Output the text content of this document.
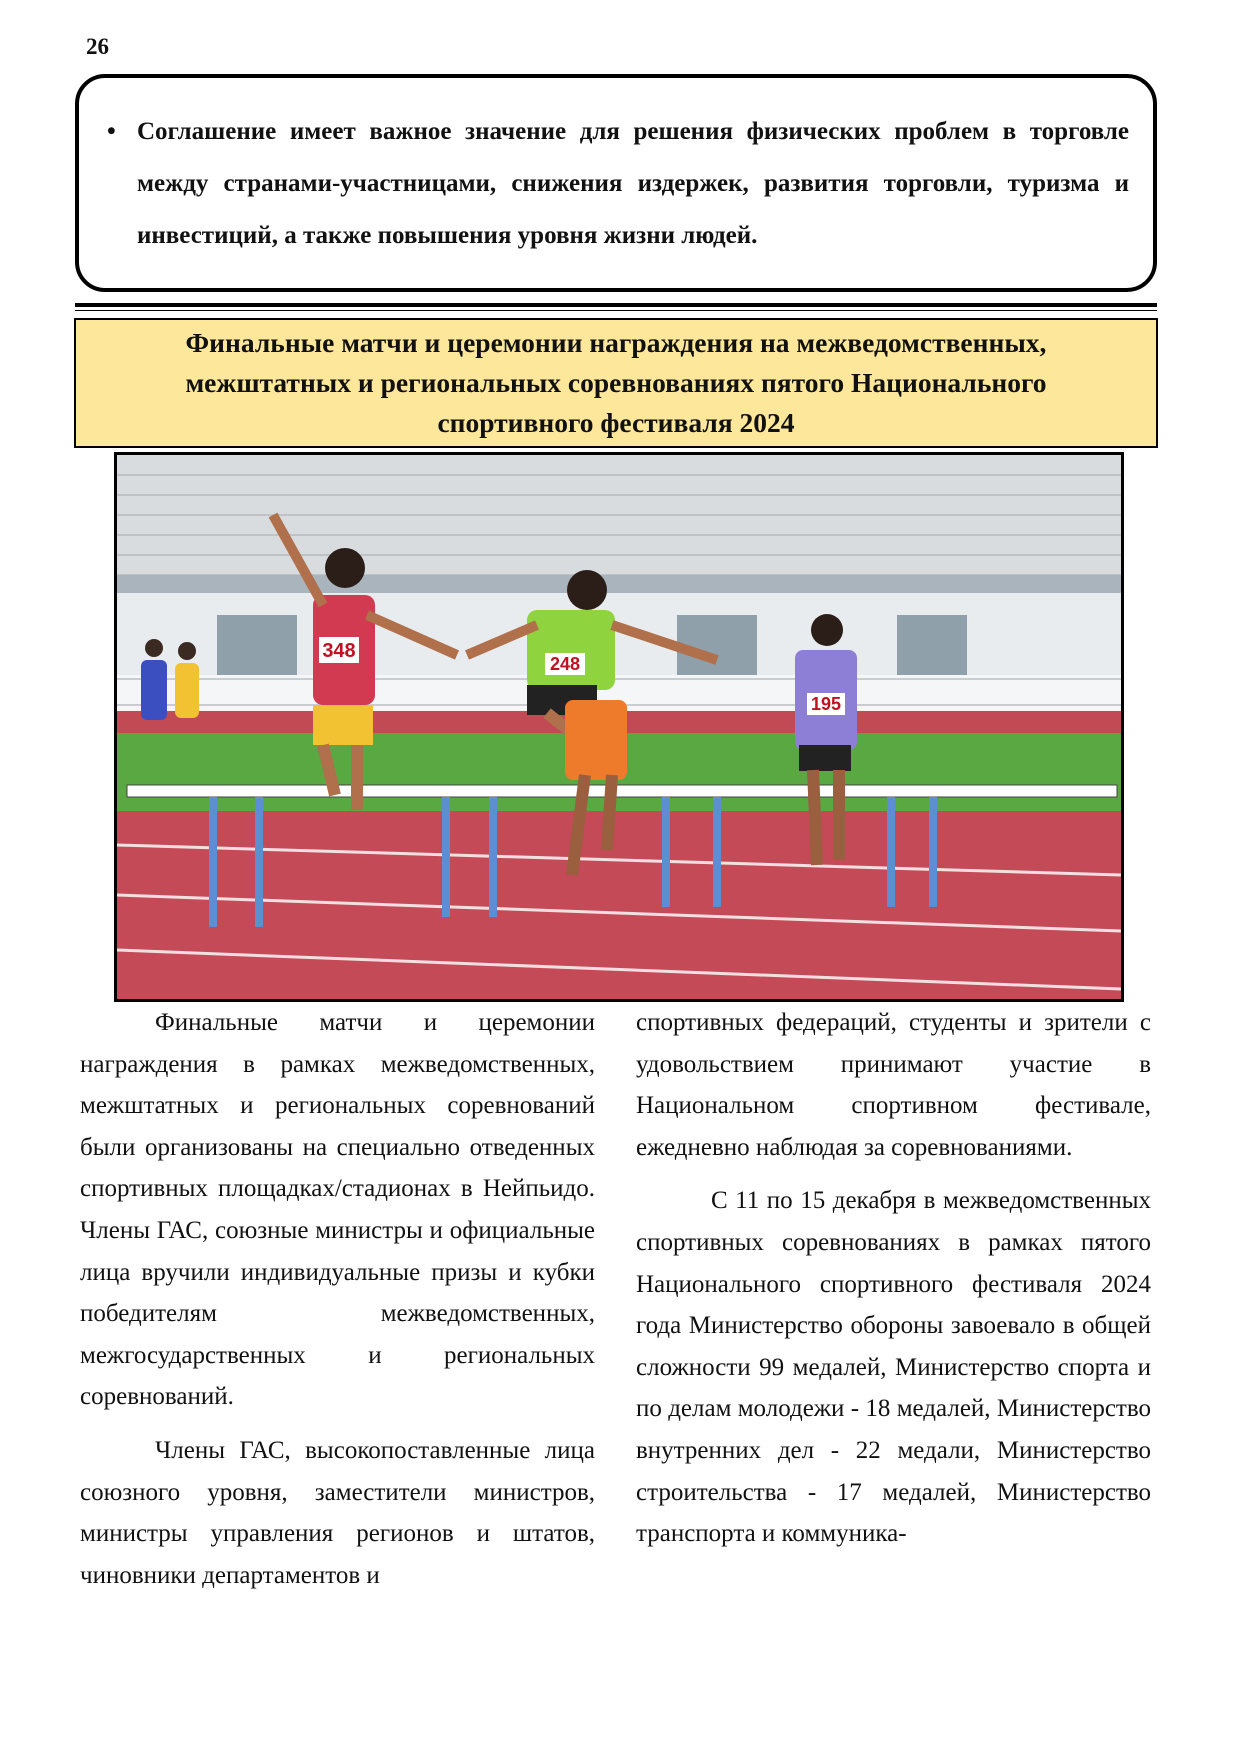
26
• Соглашение имеет важное значение для решения физических проблем в торговле между странами-участницами, снижения издержек, развития торговли, туризма и инвестиций, а также повышения уровня жизни людей.
Финальные матчи и церемонии награждения на межведомственных, межштатных и региональных соревнованиях пятого Национального спортивного фестиваля 2024
348
248
195

Финальные матчи и церемонии награждения в рамках межведомственных, межштатных и региональных соревнований были организованы на специально отведенных спортивных площадках/стадионах в Нейпьидо. Члены ГАС, союзные министры и официальные лица вручили индивидуальные призы и кубки победителям межведомственных, межгосударственных и региональных соревнований.

Члены ГАС, высокопоставленные лица союзного уровня, заместители министров, министры управления регионов и штатов, чиновники департаментов и

спортивных федераций, студенты и зрители с удовольствием принимают участие в Национальном спортивном фестивале, ежедневно наблюдая за соревнованиями.

С 11 по 15 декабря в межведомственных спортивных соревнованиях в рамках пятого Национального спортивного фестиваля 2024 года Министерство обороны завоевало в общей сложности 99 медалей, Министерство спорта и по делам молодежи - 18 медалей, Министерство внутренних дел - 22 медали, Министерство строительства - 17 медалей, Министерство транспорта и коммуника-
